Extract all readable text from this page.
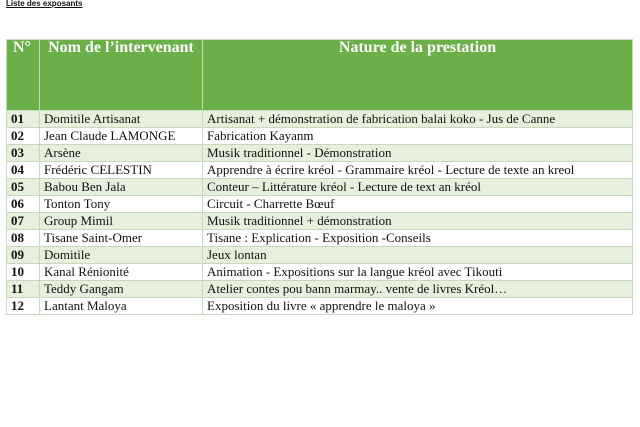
Liste des exposants
N°	Nom de l’intervenant	Nature de la prestation
01	Domitile Artisanat	Artisanat + démonstration de fabrication balai koko - Jus de Canne
02	Jean Claude LAMONGE	Fabrication Kayanm
03	Arsène	Musik traditionnel - Démonstration
04	Frédéric CELESTIN	Apprendre à écrire kréol - Grammaire kréol - Lecture de texte an kreol
05	Babou Ben Jala	Conteur – Littérature kréol - Lecture de text an kréol
06	Tonton Tony	Circuit - Charrette Bœuf
07	Group Mimil	Musik traditionnel + démonstration
08	Tisane Saint-Omer	Tisane : Explication - Exposition -Conseils
09	Domitile	Jeux lontan
10	Kanal Rénionité	Animation - Expositions sur la langue kréol avec Tikouti
11	Teddy Gangam	Atelier contes pou bann marmay.. vente de livres Kréol…
12	Lantant Maloya	Exposition du livre « apprendre le maloya »
